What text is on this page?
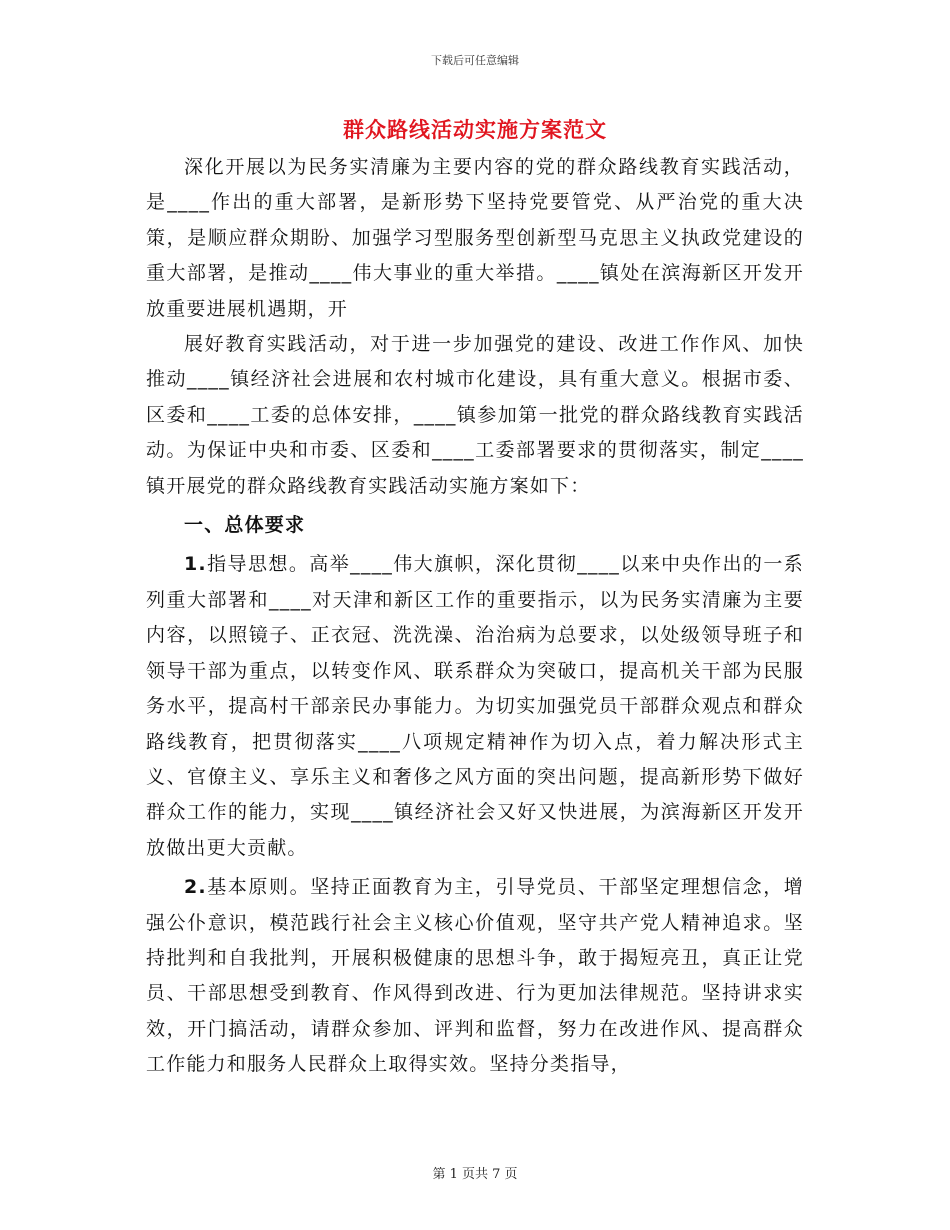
下载后可任意编辑
群众路线活动实施方案范文

深化开展以为民务实清廉为主要内容的党的群众路线教育实践活动，是____作出的重大部署，是新形势下坚持党要管党、从严治党的重大决策，是顺应群众期盼、加强学习型服务型创新型马克思主义执政党建设的重大部署，是推动____伟大事业的重大举措。____镇处在滨海新区开发开放重要进展机遇期，开

展好教育实践活动，对于进一步加强党的建设、改进工作作风、加快推动____镇经济社会进展和农村城市化建设，具有重大意义。根据市委、区委和____工委的总体安排，____镇参加第一批党的群众路线教育实践活动。为保证中央和市委、区委和____工委部署要求的贯彻落实，制定____镇开展党的群众路线教育实践活动实施方案如下：

一、总体要求

1.指导思想。高举____伟大旗帜，深化贯彻____以来中央作出的一系列重大部署和____对天津和新区工作的重要指示，以为民务实清廉为主要内容，以照镜子、正衣冠、洗洗澡、治治病为总要求，以处级领导班子和领导干部为重点，以转变作风、联系群众为突破口，提高机关干部为民服务水平，提高村干部亲民办事能力。为切实加强党员干部群众观点和群众路线教育，把贯彻落实____八项规定精神作为切入点，着力解决形式主义、官僚主义、享乐主义和奢侈之风方面的突出问题，提高新形势下做好群众工作的能力，实现____镇经济社会又好又快进展，为滨海新区开发开放做出更大贡献。

2.基本原则。坚持正面教育为主，引导党员、干部坚定理想信念，增强公仆意识，模范践行社会主义核心价值观，坚守共产党人精神追求。坚持批判和自我批判，开展积极健康的思想斗争，敢于揭短亮丑，真正让党员、干部思想受到教育、作风得到改进、行为更加法律规范。坚持讲求实效，开门搞活动，请群众参加、评判和监督，努力在改进作风、提高群众工作能力和服务人民群众上取得实效。坚持分类指导，

第 1 页共 7 页
